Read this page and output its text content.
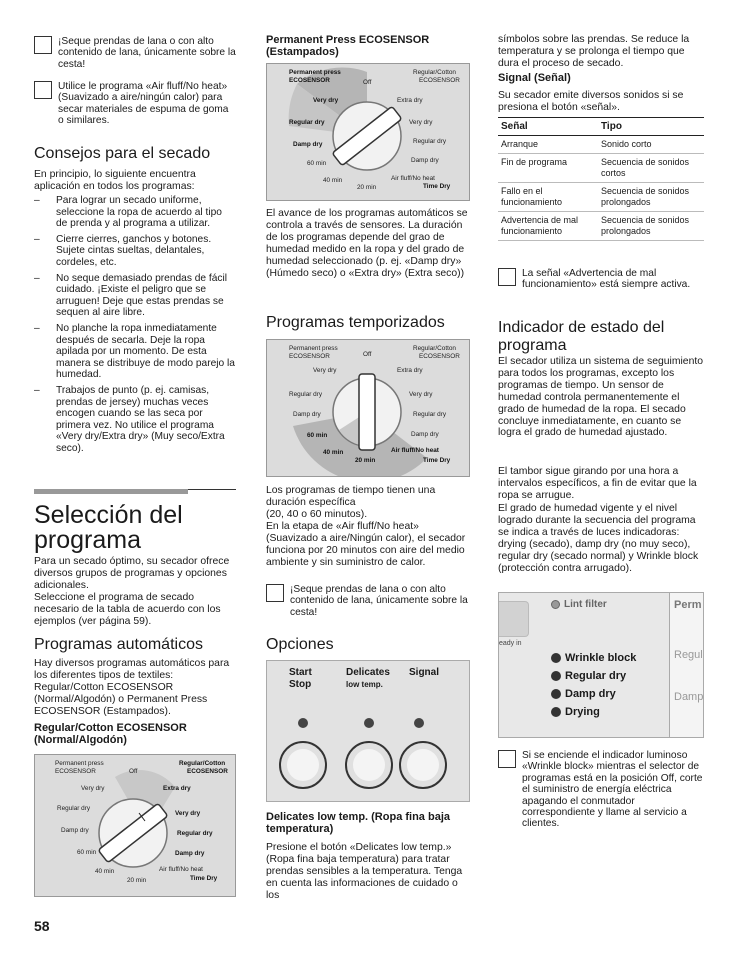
¡Seque prendas de lana o con alto contenido de lana, únicamente sobre la cesta!

Utilice le programa «Air fluff/No heat» (Suavizado a aire/ningún calor) para secar materiales de espuma de goma o similares.

Consejos para el secado

En principio, lo siguiente encuentra aplicación en todos los programas:

– Para lograr un secado uniforme, seleccione la ropa de acuerdo al tipo de prenda y al programa a utilizar.
– Cierre cierres, ganchos y botones. Sujete cintas sueltas, delantales, cordeles, etc.
– No seque demasiado prendas de fácil cuidado. ¡Existe el peligro que se arruguen! Deje que estas prendas se sequen al aire libre.
– No planche la ropa inmediatamente después de secarla. Deje la ropa apilada por un momento. De esta manera se distribuye de modo parejo la humedad.
– Trabajos de punto (p. ej. camisas, prendas de jersey) muchas veces encogen cuando se las seca por primera vez. No utilice el programa «Very dry/Extra dry» (Muy seco/Extra seco).
Selección del
programa

Para un secado óptimo, su secador ofrece diversos grupos de programas y opciones adicionales.

Seleccione el programa de secado necesario de la tabla de acuerdo con los ejemplos (ver página 59).

Programas automáticos

Hay diversos programas automáticos para los diferentes tipos de textiles: Regular/Cotton ECOSENSOR (Normal/Algodón) o Permanent Press ECOSENSOR (Estampados).

Regular/Cotton ECOSENSOR (Normal/Algodón)
Permanent press
ECOSENSOR
Regular/Cotton
ECOSENSOR
Off
Very dry	Extra dry
Regular dry
Very dry
Damp dry	Regular dry
60 min	Damp dry
40 min	Air fluff/No heat
20 min	Time Dry
Permanent Press ECOSENSOR (Estampados)
Permanent press
ECOSENSOR
Regular/Cotton
ECOSENSOR
Off
Very dry	Extra dry
Regular dry	Very dry
Damp dry	Regular dry
60 min	Damp dry
40 min	Air fluff/No heat
20 min	Time Dry

El avance de los programas automáticos se controla a través de sensores. La duración de los programas depende del grao de humedad medido en la ropa y del grado de humedad seleccionado (p. ej. «Damp dry» (Húmedo seco) o «Extra dry» (Extra seco))

Programas temporizados
Permanent press
ECOSENSOR
Regular/Cotton
ECOSENSOR
Off
Very dry	Extra dry
Regular dry	Very dry
Damp dry	Regular dry
60 min	Damp dry
40 min	Air fluff/No heat
20 min	Time Dry

Los programas de tiempo tienen una duración específica

(20, 40 o 60 minutos).

En la etapa de «Air fluff/No heat» (Suavizado a aire/Ningún calor), el secador funciona por 20 minutos con aire del medio ambiente y sin suministro de calor.

¡Seque prendas de lana o con alto contenido de lana, únicamente sobre la cesta!

Opciones
Start
Stop
Delicates
low temp.
Signal
Delicates low temp. (Ropa fina baja temperatura)

Presione el botón «Delicates low temp.» (Ropa fina baja temperatura) para tratar prendas sensibles a la temperatura. Tenga en cuenta las informaciones de cuidado o los

símbolos sobre las prendas. Se reduce la temperatura y se prolonga el tiempo que dura el proceso de secado.

Signal (Señal)

Su secador emite diversos sonidos si se presiona el botón «señal».

Señal	Tipo
Arranque	Sonido corto
Fin de programa	Secuencia de sonidos cortos
Fallo en el funcionamiento	Secuencia de sonidos prolongados
Advertencia de mal funcionamiento	Secuencia de sonidos prolongados

La señal «Advertencia de mal funcionamiento» está siempre activa.

Indicador de estado del programa

El secador utiliza un sistema de seguimiento para todos los programas, excepto los programas de tiempo. Un sensor de humedad controla permanentemente el grado de humedad de la ropa. El secado concluye inmediatamente, en cuanto se logra el grado de humedad ajustado.

El tambor sigue girando por una hora a intervalos específicos, a fin de evitar que la ropa se arrugue.

El grado de humedad vigente y el nivel logrado durante la secuencia del programa se indica a través de luces indicadoras: drying (secado), damp dry (no muy seco), regular dry (secado normal) y Wrinkle block (protección contra arrugado).

eady in
Lint filter	Perm
Regul
Damp
Wrinkle block
Regular dry
Damp dry
Drying

Si se enciende el indicador luminoso «Wrinkle block» mientras el selector de programas está en la posición Off, corte el suministro de energía eléctrica apagando el conmutador correspondiente y llame al servicio a clientes.

58
